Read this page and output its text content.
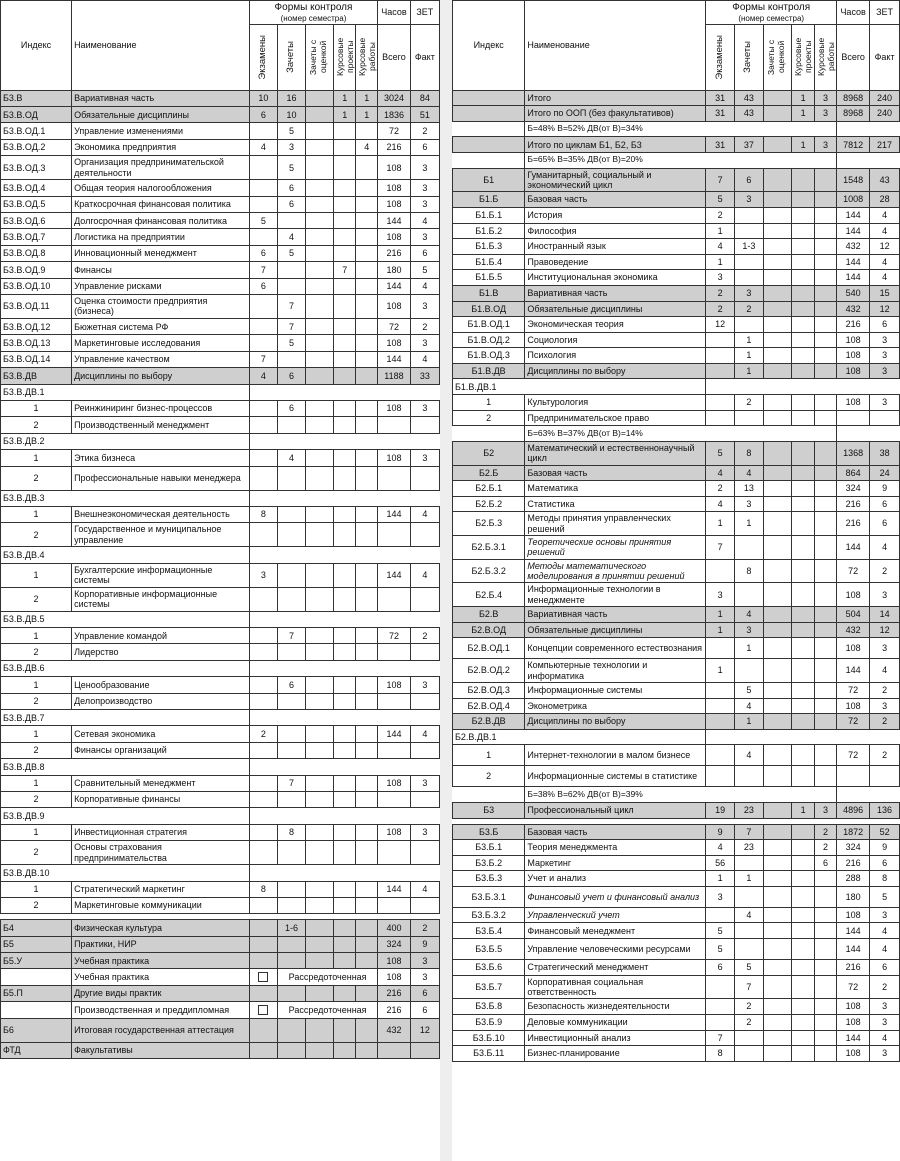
Индекс	Наименование	Формы контроля
(номер семестра)					Часов	ЗЕТ

		Экзамены	Зачеты	Зачеты с оценкой	Курсовые проекты	Курсовые работы	Всего	Факт
Б3.В	Вариативная часть	10	16		1	1	3024	84
Б3.В.ОД	Обязательные дисциплины	6	10		1	1	1836	51
Б3.В.ОД.1	Управление изменениями		5				72	2
Б3.В.ОД.2	Экономика предприятия	4	3			4	216	6
Б3.В.ОД.3	Организация предпринимательской деятельности		5				108	3
Б3.В.ОД.4	Общая теория налогообложения		6				108	3
Б3.В.ОД.5	Краткосрочная финансовая политика		6				108	3
Б3.В.ОД.6	Долгосрочная финансовая политика	5					144	4
Б3.В.ОД.7	Логистика на предприятии		4				108	3
Б3.В.ОД.8	Инновационный менеджмент	6	5				216	6
Б3.В.ОД.9	Финансы	7			7		180	5
Б3.В.ОД.10	Управление рисками	6					144	4
Б3.В.ОД.11	Оценка стоимости предприятия (бизнеса)		7				108	3
Б3.В.ОД.12	Бюжетная система РФ		7				72	2
Б3.В.ОД.13	Маркетинговые исследования		5				108	3
Б3.В.ОД.14	Управление качеством	7					144	4
Б3.В.ДВ	Дисциплины по выбору	4	6				1188	33
Б3.В.ДВ.1								
1	Реинжиниринг бизнес-процессов		6				108	3
2	Производственный менеджмент							
Б3.В.ДВ.2								
1	Этика бизнеса		4				108	3
2	Профессиональные навыки менеджера							
Б3.В.ДВ.3								
1	Внешнеэкономическая деятельность	8					144	4
2	Государственное и муниципальное управление							
Б3.В.ДВ.4								
1	Бухгалтерские информационные системы	3					144	4
2	Корпоративные информационные системы							
Б3.В.ДВ.5								
1	Управление командой		7				72	2
2	Лидерство							
Б3.В.ДВ.6								
1	Ценообразование		6				108	3
2	Делопроизводство							
Б3.В.ДВ.7								
1	Сетевая экономика	2					144	4
2	Финансы организаций							
Б3.В.ДВ.8								
1	Сравнительный менеджмент		7				108	3
2	Корпоративные финансы							
Б3.В.ДВ.9								
1	Инвестиционная стратегия		8				108	3
2	Основы страхования предпринимательства							
Б3.В.ДВ.10								
1	Стратегический маркетинг	8					144	4
2	Маркетинговые коммуникации							

Б4	Физическая культура		1-6				400	2
Б5	Практики, НИР						324	9
Б5.У	Учебная практика						108	3
	Учебная практика		Рассредоточенная				108	3
Б5.П	Другие виды практик						216	6
	Производственная и преддипломная		Рассредоточенная				216	6
Б6	Итоговая государственная аттестация						432	12
ФТД	Факультативы							
Индекс	Наименование	Формы контроля
(номер семестра)					Часов	ЗЕТ

		Экзамены	Зачеты	Зачеты с оценкой	Курсовые проекты	Курсовые работы	Всего	Факт
	Итого	31	43		1	3	8968	240
	Итого по ООП (без факультативов)	31	43		1	3	8968	240
	Б=48% В=52% ДВ(от В)=34%							
	Итого по циклам Б1, Б2, Б3	31	37		1	3	7812	217
	Б=65% В=35% ДВ(от В)=20%							
Б1	Гуманитарный, социальный и экономический цикл	7	6				1548	43
Б1.Б	Базовая часть	5	3				1008	28
Б1.Б.1	История	2					144	4
Б1.Б.2	Философия	1					144	4
Б1.Б.3	Иностранный язык	4	1-3				432	12
Б1.Б.4	Правоведение	1					144	4
Б1.Б.5	Институциональная экономика	3					144	4
Б1.В	Вариативная часть	2	3				540	15
Б1.В.ОД	Обязательные дисциплины	2	2				432	12
Б1.В.ОД.1	Экономическая теория	12					216	6
Б1.В.ОД.2	Социология		1				108	3
Б1.В.ОД.3	Психология		1				108	3
Б1.В.ДВ	Дисциплины по выбору		1				108	3
Б1.В.ДВ.1								
1	Культурология		2				108	3
2	Предпринимательское право							
	Б=63% В=37% ДВ(от В)=14%							
Б2	Математический и естественнонаучный цикл	5	8				1368	38
Б2.Б	Базовая часть	4	4				864	24
Б2.Б.1	Математика	2	13				324	9
Б2.Б.2	Статистика	4	3				216	6
Б2.Б.3	Методы принятия управленческих решений	1	1				216	6
Б2.Б.3.1	Теоретические основы принятия решений	7					144	4
Б2.Б.3.2	Методы математического моделирования в принятии решений		8				72	2
Б2.Б.4	Информационные технологии в менеджменте	3					108	3
Б2.В	Вариативная часть	1	4				504	14
Б2.В.ОД	Обязательные дисциплины	1	3				432	12
Б2.В.ОД.1	Концепции современного естествознания		1				108	3
Б2.В.ОД.2	Компьютерные технологии и информатика	1					144	4
Б2.В.ОД.3	Информационные системы		5				72	2
Б2.В.ОД.4	Эконометрика		4				108	3
Б2.В.ДВ	Дисциплины по выбору		1				72	2
Б2.В.ДВ.1								
1	Интернет-технологии в малом бизнесе		4				72	2
2	Информационные системы в статистике							
	Б=38% В=62% ДВ(от В)=39%							
Б3	Профессиональный цикл	19	23		1	3	4896	136

Б3.Б	Базовая часть	9	7			2	1872	52
Б3.Б.1	Теория менеджмента	4	23			2	324	9
Б3.Б.2	Маркетинг	56				6	216	6
Б3.Б.3	Учет и анализ	1	1				288	8
Б3.Б.3.1	Финансовый учет и финансовый анализ	3					180	5
Б3.Б.3.2	Управленческий учет		4				108	3
Б3.Б.4	Финансовый менеджмент	5					144	4
Б3.Б.5	Управление человеческими ресурсами	5					144	4
Б3.Б.6	Стратегический менеджмент	6	5				216	6
Б3.Б.7	Корпоративная социальная ответственность		7				72	2
Б3.Б.8	Безопасность жизнедеятельности		2				108	3
Б3.Б.9	Деловые коммуникации		2				108	3
Б3.Б.10	Инвестиционный анализ	7					144	4
Б3.Б.11	Бизнес-планирование	8					108	3
